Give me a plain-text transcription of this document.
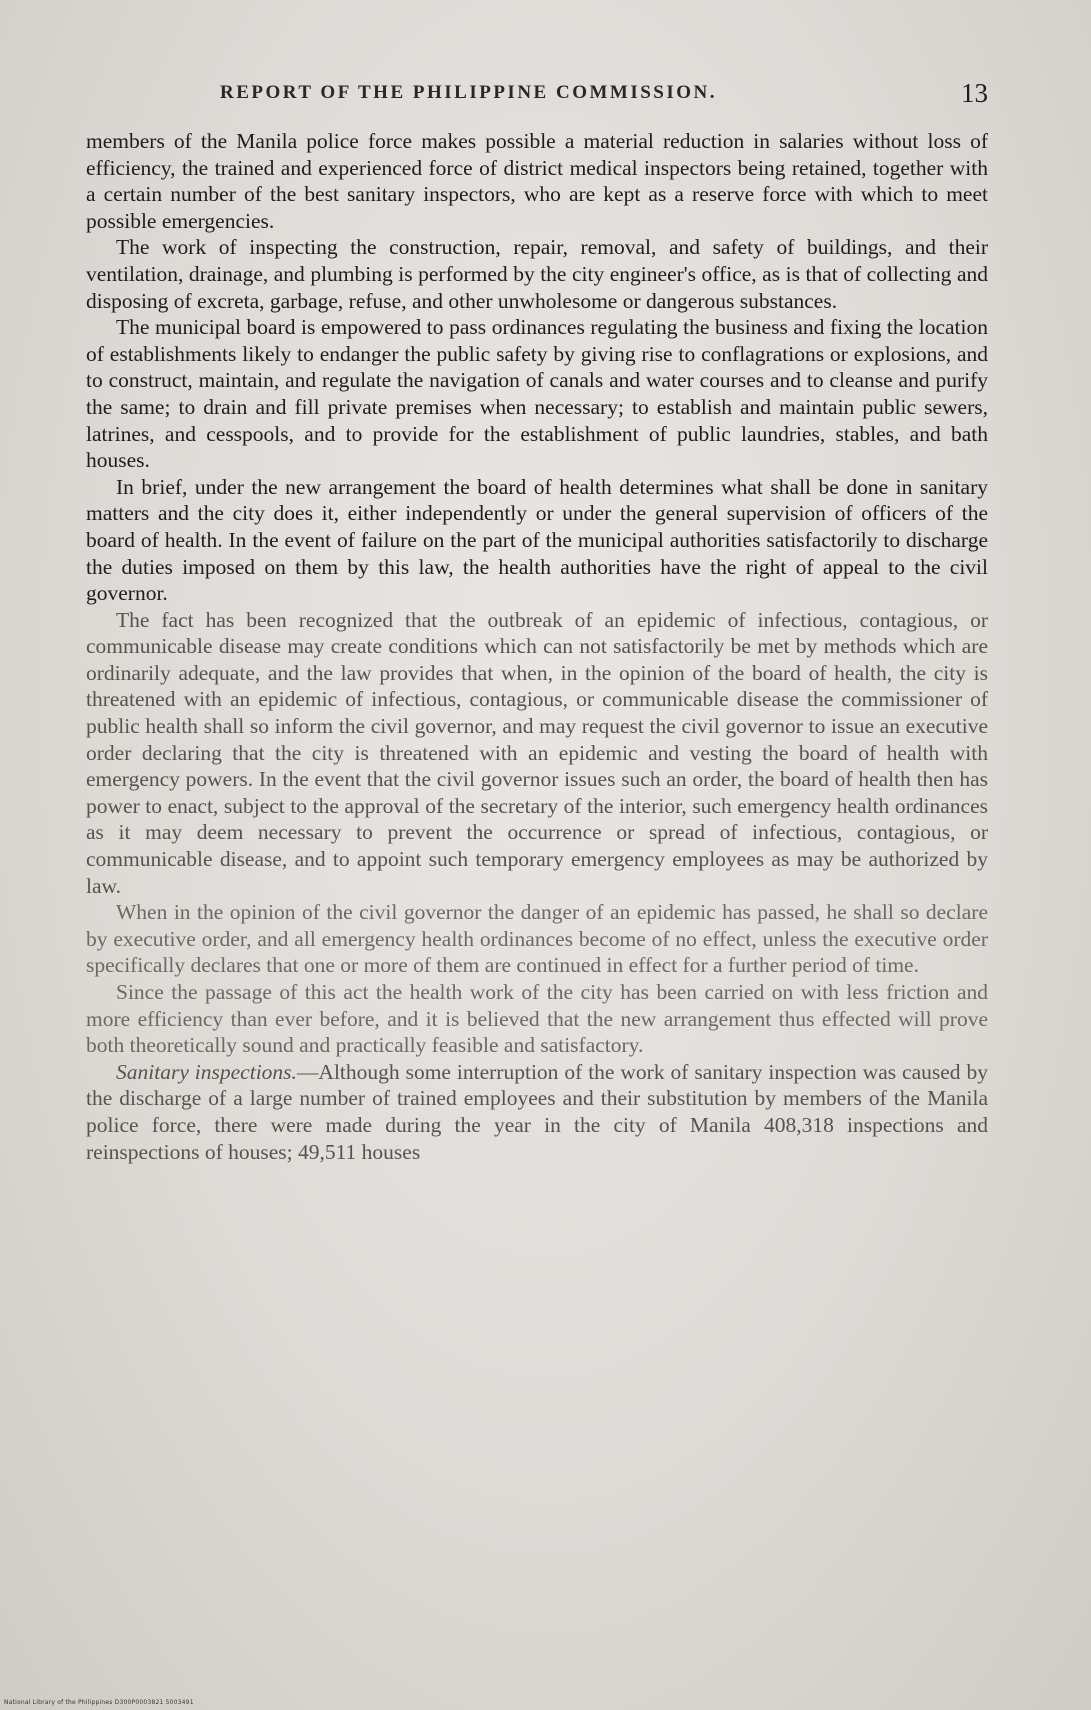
REPORT OF THE PHILIPPINE COMMISSION.	13

members of the Manila police force makes possible a material reduction in salaries without loss of efficiency, the trained and experienced force of district medical inspectors being retained, together with a certain number of the best sanitary inspectors, who are kept as a reserve force with which to meet possible emergencies.

The work of inspecting the construction, repair, removal, and safety of buildings, and their ventilation, drainage, and plumbing is performed by the city engineer's office, as is that of collecting and disposing of excreta, garbage, refuse, and other unwholesome or dangerous substances.

The municipal board is empowered to pass ordinances regulating the business and fixing the location of establishments likely to endanger the public safety by giving rise to conflagrations or explosions, and to construct, maintain, and regulate the navigation of canals and water courses and to cleanse and purify the same; to drain and fill private premises when necessary; to establish and maintain public sewers, latrines, and cesspools, and to provide for the establishment of public laundries, stables, and bath houses.

In brief, under the new arrangement the board of health determines what shall be done in sanitary matters and the city does it, either independently or under the general supervision of officers of the board of health. In the event of failure on the part of the municipal authorities satisfactorily to discharge the duties imposed on them by this law, the health authorities have the right of appeal to the civil governor.

The fact has been recognized that the outbreak of an epidemic of infectious, contagious, or communicable disease may create conditions which can not satisfactorily be met by methods which are ordinarily adequate, and the law provides that when, in the opinion of the board of health, the city is threatened with an epidemic of infectious, contagious, or communicable disease the commissioner of public health shall so inform the civil governor, and may request the civil governor to issue an executive order declaring that the city is threatened with an epidemic and vesting the board of health with emergency powers. In the event that the civil governor issues such an order, the board of health then has power to enact, subject to the approval of the secretary of the interior, such emergency health ordinances as it may deem necessary to prevent the occurrence or spread of infectious, contagious, or communicable disease, and to appoint such temporary emergency employees as may be authorized by law.

When in the opinion of the civil governor the danger of an epidemic has passed, he shall so declare by executive order, and all emergency health ordinances become of no effect, unless the executive order specifically declares that one or more of them are continued in effect for a further period of time.

Since the passage of this act the health work of the city has been carried on with less friction and more efficiency than ever before, and it is believed that the new arrangement thus effected will prove both theoretically sound and practically feasible and satisfactory.

Sanitary inspections.—Although some interruption of the work of sanitary inspection was caused by the discharge of a large number of trained employees and their substitution by members of the Manila police force, there were made during the year in the city of Manila 408,318 inspections and reinspections of houses; 49,511 houses

National Library of the Philippines D300P0003821 5003491
